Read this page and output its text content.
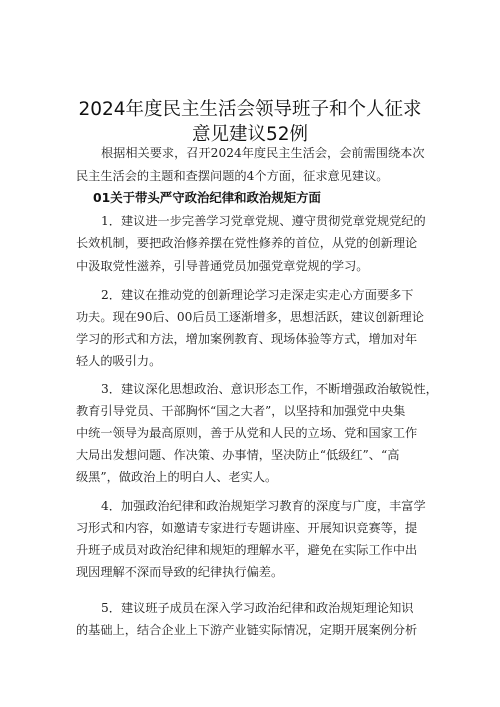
2024年度民主生活会领导班子和个人征求
意见建议52例
根据相关要求，召开2024年度民主生活会，会前需围绕本次
民主生活会的主题和查摆问题的4个方面，征求意见建议。
01关于带头严守政治纪律和政治规矩方面
1．建议进一步完善学习党章党规、遵守贯彻党章党规党纪的
长效机制，要把政治修养摆在党性修养的首位，从党的创新理论
中汲取党性滋养，引导普通党员加强党章党规的学习。
2．建议在推动党的创新理论学习走深走实走心方面要多下
功夫。现在90后、00后员工逐渐增多，思想活跃，建议创新理论
学习的形式和方法，增加案例教育、现场体验等方式，增加对年
轻人的吸引力。
3．建议深化思想政治、意识形态工作，不断增强政治敏锐性，
教育引导党员、干部胸怀“国之大者”，以坚持和加强党中央集
中统一领导为最高原则，善于从党和人民的立场、党和国家工作
大局出发想问题、作决策、办事情，坚决防止“低级红”、“高
级黑”，做政治上的明白人、老实人。
4．加强政治纪律和政治规矩学习教育的深度与广度，丰富学
习形式和内容，如邀请专家进行专题讲座、开展知识竞赛等，提
升班子成员对政治纪律和规矩的理解水平，避免在实际工作中出
现因理解不深而导致的纪律执行偏差。
5．建议班子成员在深入学习政治纪律和政治规矩理论知识
的基础上，结合企业上下游产业链实际情况，定期开展案例分析
